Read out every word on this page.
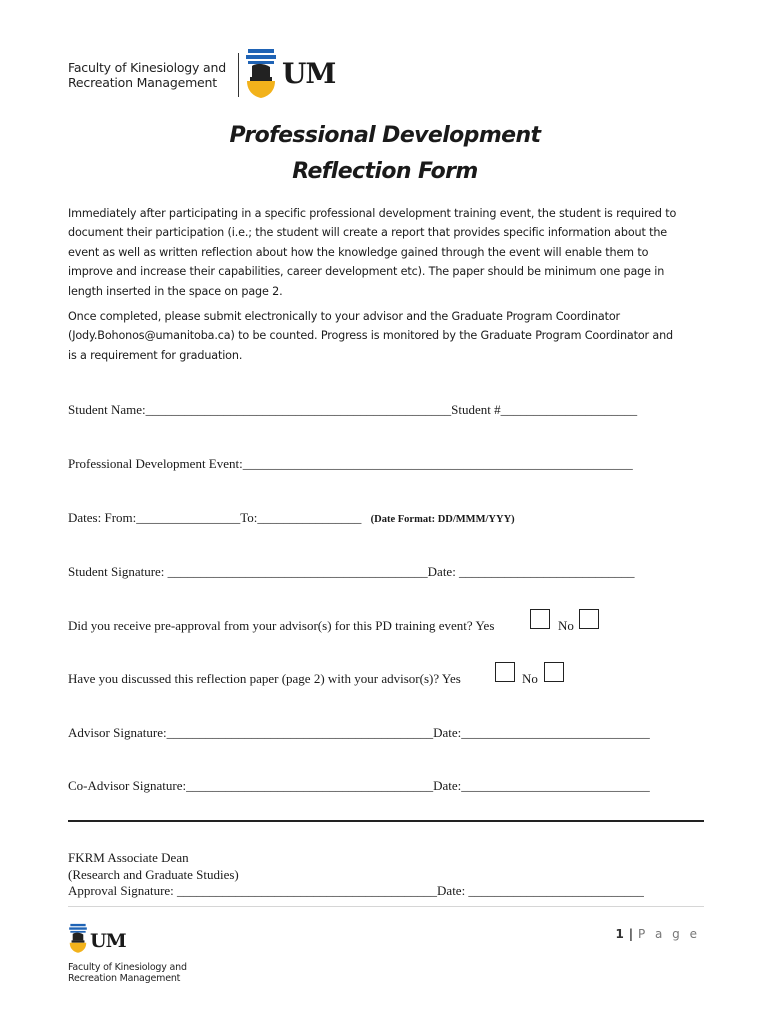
Faculty of Kinesiology and
Recreation Management	UM
Professional Development
Reflection Form
Immediately after participating in a specific professional development training event, the student is required to
document their participation (i.e.; the student will create a report that provides specific information about the
event as well as written reflection about how the knowledge gained through the event will enable them to
improve and increase their capabilities, career development etc). The paper should be minimum one page in
length inserted in the space on page 2.
Once completed, please submit electronically to your advisor and the Graduate Program Coordinator
(Jody.Bohonos@umanitoba.ca) to be counted. Progress is monitored by the Graduate Program Coordinator and
is a requirement for graduation.
Student Name:_______________________________________________Student #_____________________
Professional Development Event:____________________________________________________________
Dates: From:________________To:________________ (Date Format: DD/MMM/YYY)
Student Signature: ________________________________________Date: ___________________________
Did you receive pre-approval from your advisor(s) for this PD training event? Yes	No
Have you discussed this reflection paper (page 2) with your advisor(s)? Yes	No
Advisor Signature:_________________________________________Date:_____________________________
Co-Advisor Signature:______________________________________Date:_____________________________
FKRM Associate Dean
(Research and Graduate Studies)
Approval Signature: ________________________________________Date: ___________________________
1 | P a g e
UM
Faculty of Kinesiology and
Recreation Management
